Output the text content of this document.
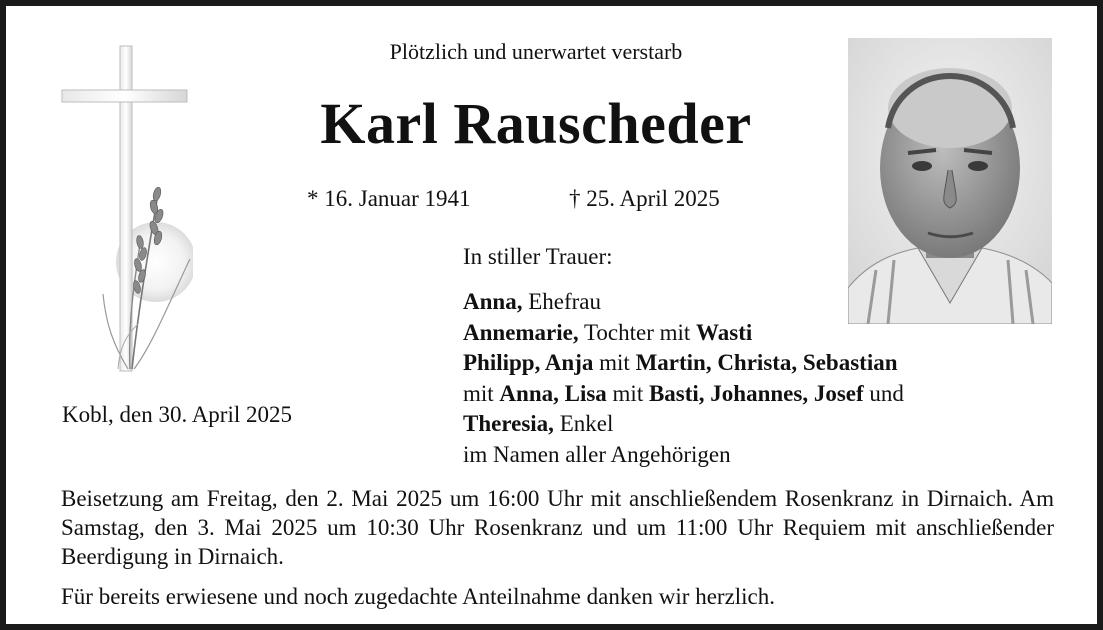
Plötzlich und unerwartet verstarb
Karl Rauscheder
* 16. Januar 1941	† 25. April 2025
In stiller Trauer:
Kobl, den 30. April 2025
Anna, Ehefrau
Annemarie, Tochter mit Wasti
Philipp, Anja mit Martin, Christa, Sebastian
mit Anna, Lisa mit Basti, Johannes, Josef und
Theresia, Enkel
im Namen aller Angehörigen
Beisetzung am Freitag, den 2. Mai 2025 um 16:00 Uhr mit anschließendem Rosenkranz in Dirnaich. Am Samstag, den 3. Mai 2025 um 10:30 Uhr Rosenkranz und um 11:00 Uhr Requiem mit anschließender Beerdigung in Dirnaich.
Für bereits erwiesene und noch zugedachte Anteilnahme danken wir herzlich.
